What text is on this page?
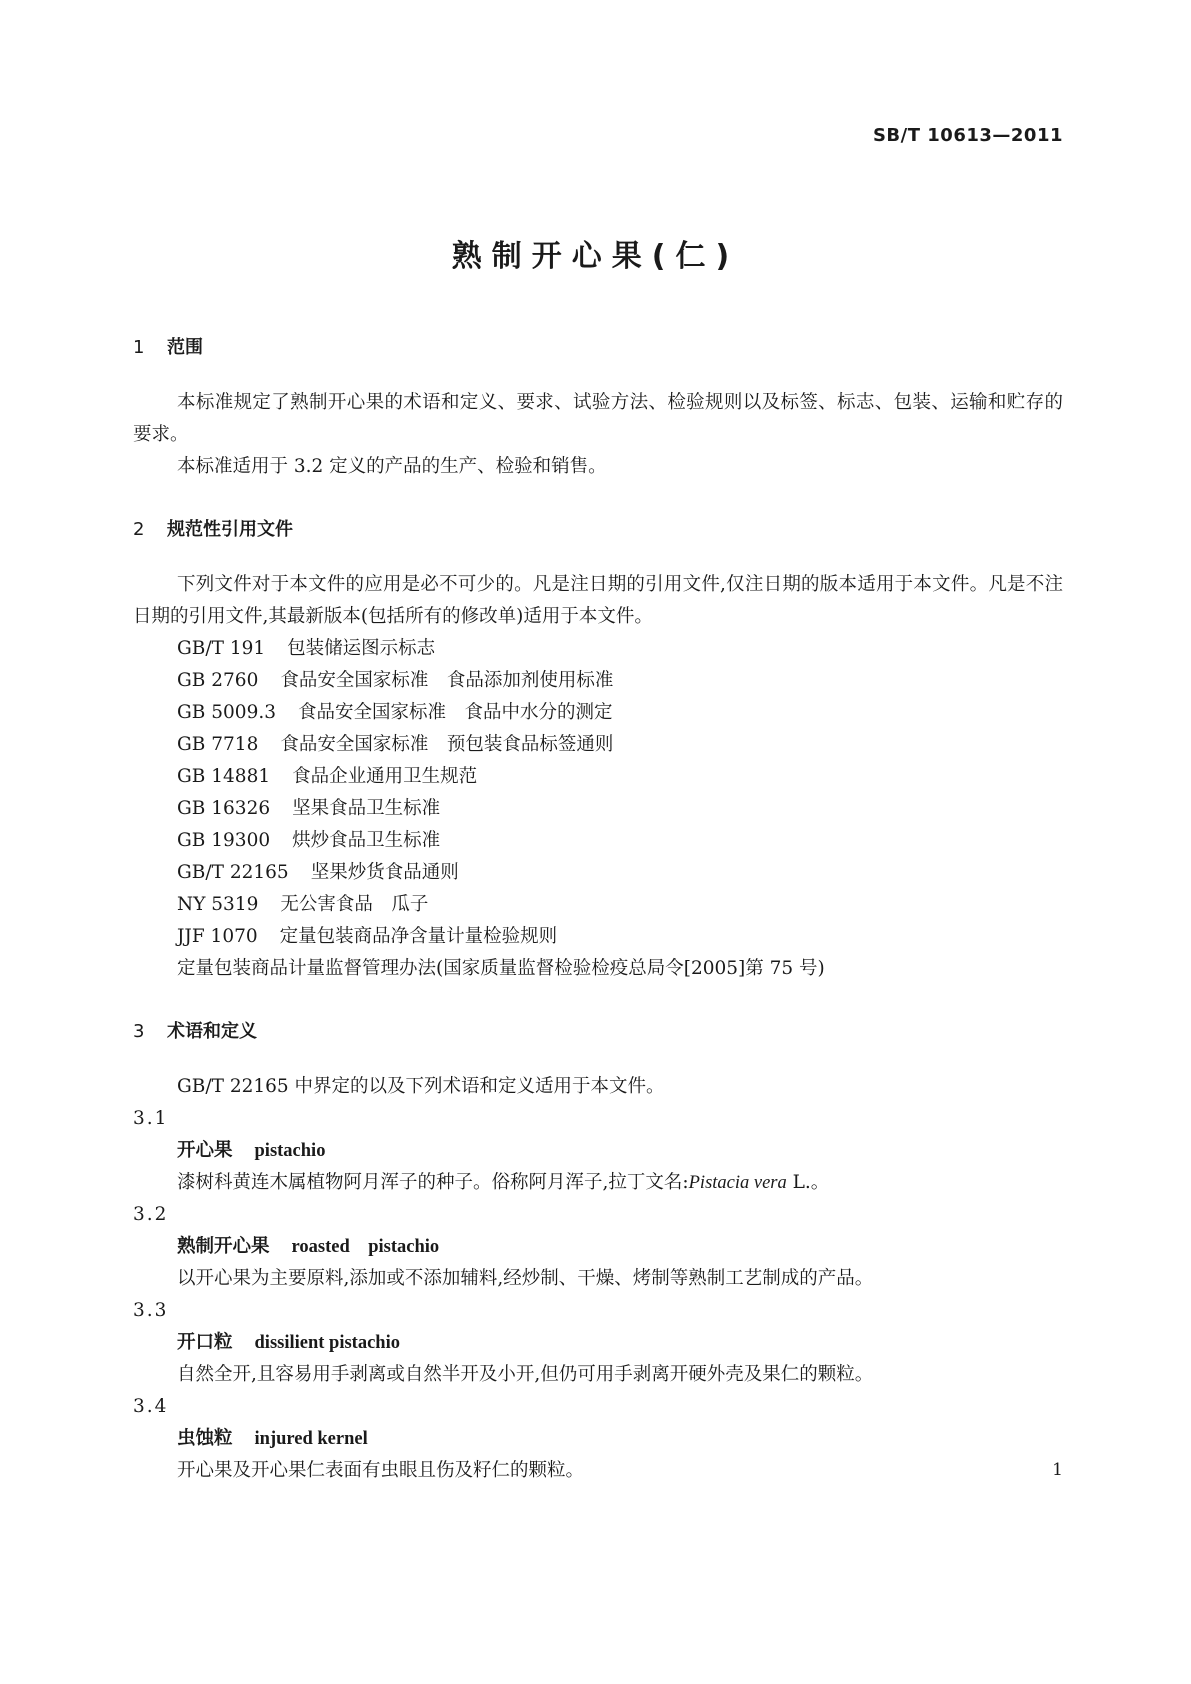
SB/T 10613—2011
熟制开心果(仁)
1 范围

本标准规定了熟制开心果的术语和定义、要求、试验方法、检验规则以及标签、标志、包装、运输和贮存的要求。

本标准适用于 3.2 定义的产品的生产、检验和销售。

2 规范性引用文件

下列文件对于本文件的应用是必不可少的。凡是注日期的引用文件,仅注日期的版本适用于本文件。凡是不注日期的引用文件,其最新版本(包括所有的修改单)适用于本文件。

GB/T 191 包装储运图示标志
GB 2760 食品安全国家标准　食品添加剂使用标准
GB 5009.3 食品安全国家标准　食品中水分的测定
GB 7718 食品安全国家标准　预包装食品标签通则
GB 14881 食品企业通用卫生规范
GB 16326 坚果食品卫生标准
GB 19300 烘炒食品卫生标准
GB/T 22165 坚果炒货食品通则
NY 5319 无公害食品　瓜子
JJF 1070 定量包装商品净含量计量检验规则
定量包装商品计量监督管理办法(国家质量监督检验检疫总局令[2005]第 75 号)
3 术语和定义

GB/T 22165 中界定的以及下列术语和定义适用于本文件。

3.1

开心果 pistachio

漆树科黄连木属植物阿月浑子的种子。俗称阿月浑子,拉丁文名:Pistacia vera L.。

3.2

熟制开心果 roasted　pistachio

以开心果为主要原料,添加或不添加辅料,经炒制、干燥、烤制等熟制工艺制成的产品。

3.3

开口粒 dissilient pistachio

自然全开,且容易用手剥离或自然半开及小开,但仍可用手剥离开硬外壳及果仁的颗粒。

3.4

虫蚀粒 injured kernel

开心果及开心果仁表面有虫眼且伤及籽仁的颗粒。	1
